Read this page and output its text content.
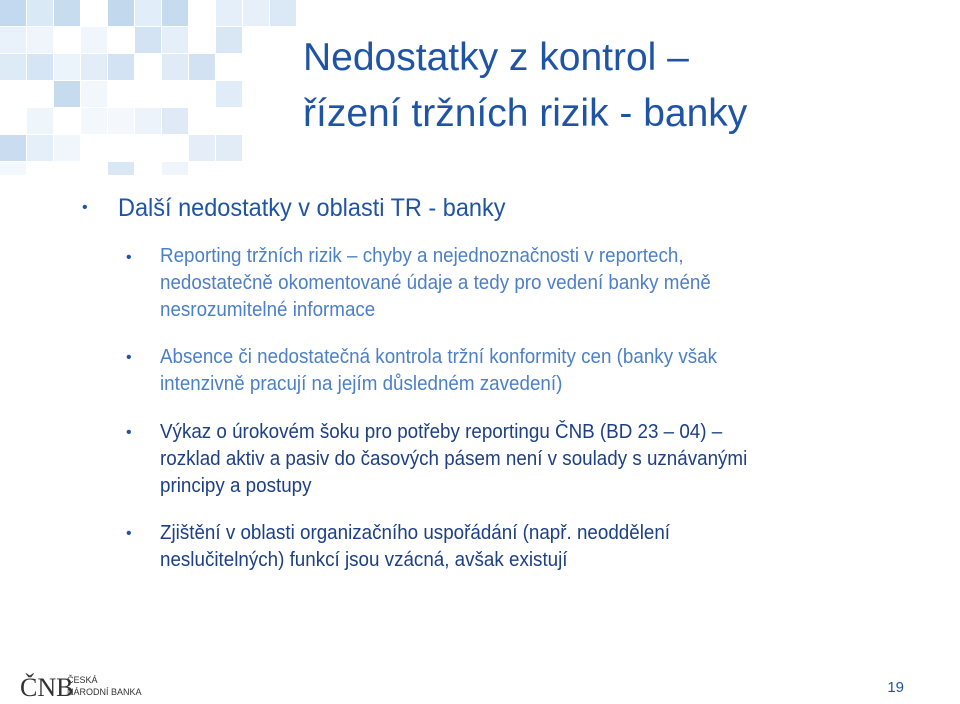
Nedostatky z kontrol –
řízení tržních rizik - banky
• Další nedostatky v oblasti TR - banky
• Reporting tržních rizik – chyby a nejednoznačnosti v reportech,
nedostatečně okomentované údaje a tedy pro vedení banky méně
nesrozumitelné informace
• Absence či nedostatečná kontrola tržní konformity cen (banky však
intenzivně pracují na jejím důsledném zavedení)
• Výkaz o úrokovém šoku pro potřeby reportingu ČNB (BD 23 – 04) –
rozklad aktiv a pasiv do časových pásem není v soulady s uznávanými
principy a postupy
• Zjištění v oblasti organizačního uspořádání (např. neoddělení
neslučitelných) funkcí jsou vzácná, avšak existují
ČNB
ČESKÁ
NÁRODNÍ BANKA	19
